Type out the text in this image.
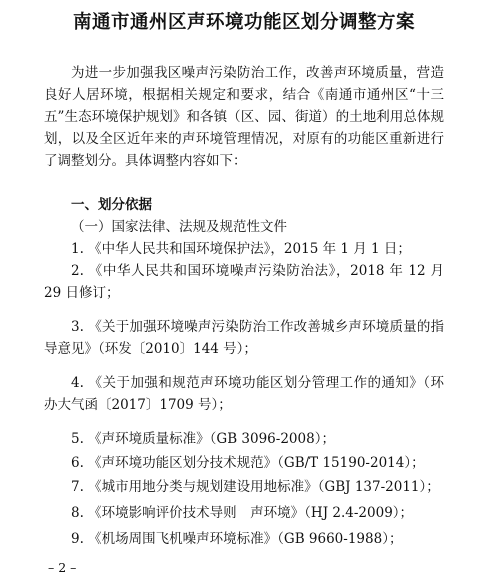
南通市通州区声环境功能区划分调整方案
为进一步加强我区噪声污染防治工作，改善声环境质量，营造良好人居环境，根据相关规定和要求，结合《南通市通州区“十三五”生态环境保护规划》和各镇（区、园、街道）的土地利用总体规划，以及全区近年来的声环境管理情况，对原有的功能区重新进行了调整划分。具体调整内容如下：
一、划分依据
（一）国家法律、法规及规范性文件
1. 《中华人民共和国环境保护法》，2015 年 1 月 1 日；
2. 《中华人民共和国环境噪声污染防治法》，2018 年 12 月 29 日修订；
3. 《关于加强环境噪声污染防治工作改善城乡声环境质量的指导意见》（环发〔2010〕144 号）；
4. 《关于加强和规范声环境功能区划分管理工作的通知》（环办大气函〔2017〕1709 号）；
5. 《声环境质量标准》（GB 3096-2008）；
6. 《声环境功能区划分技术规范》（GB/T 15190-2014）；
7. 《城市用地分类与规划建设用地标准》（GBJ 137-2011）；
8. 《环境影响评价技术导则　声环境》（HJ 2.4-2009）；
9. 《机场周围飞机噪声环境标准》（GB 9660-1988）；
– 2 –
